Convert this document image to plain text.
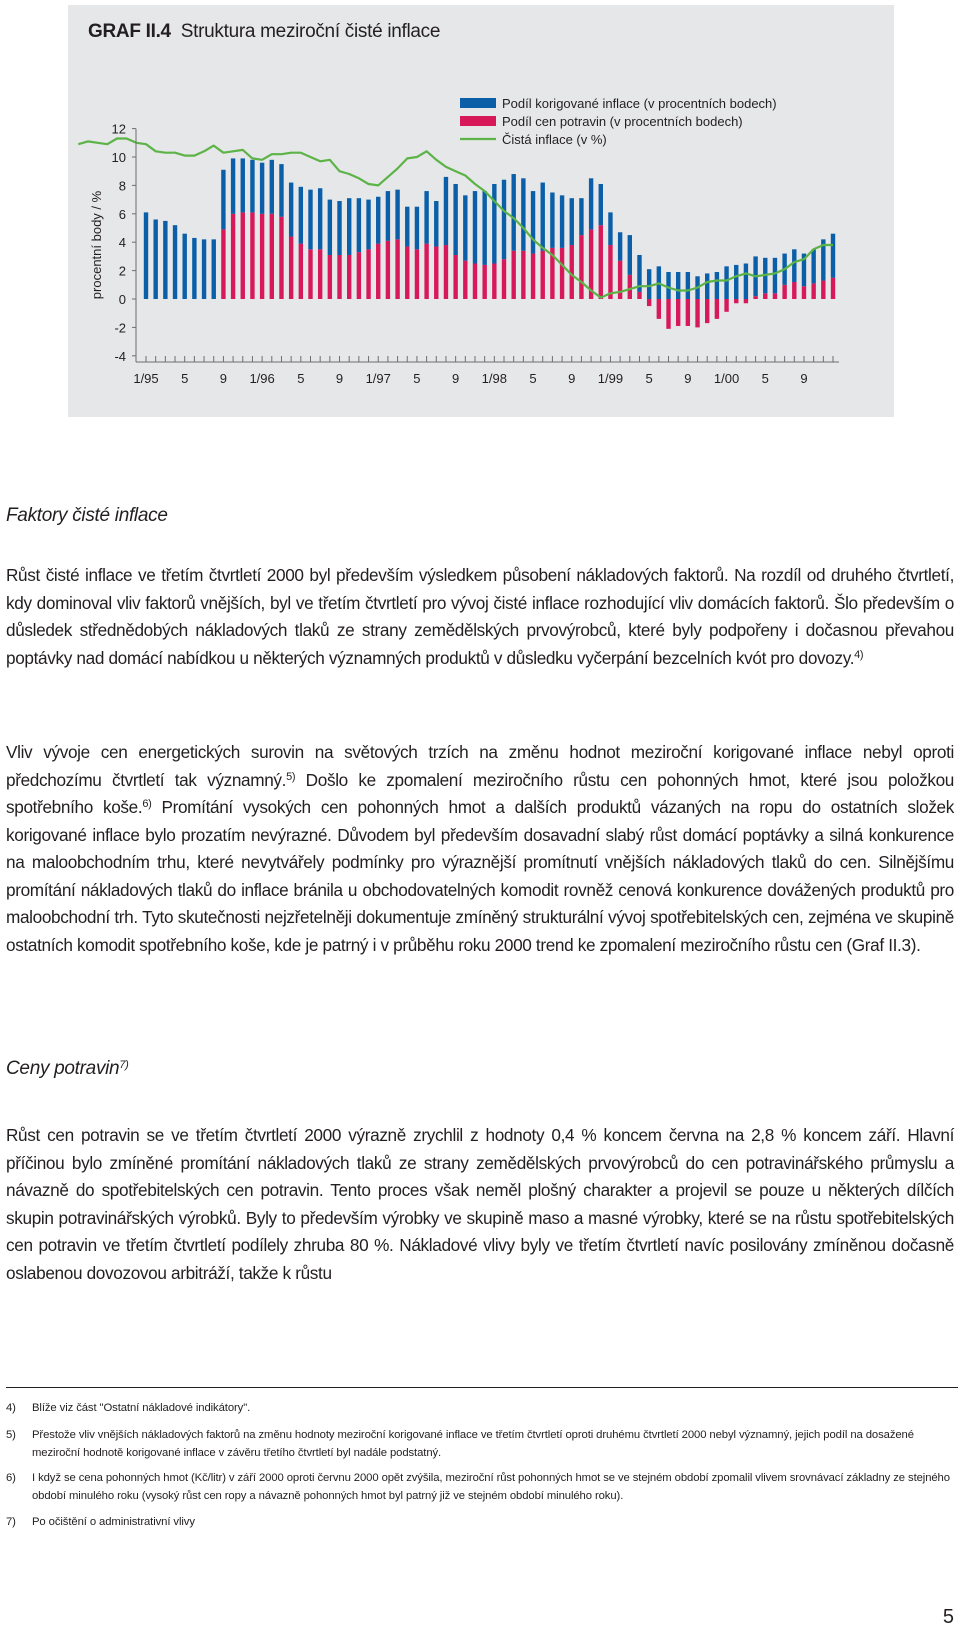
GRAF II.4 Struktura meziroční čisté inflace
12
10
8
6
4
2
0
-2
-4
procentní body / %
1/95 5 9 1/96 5 9 1/97 5 9 1/98 5 9 1/99 5 9 1/00 5 9
Podíl korigované inflace (v procentních bodech)
Podíl cen potravin (v procentních bodech)
Čistá inflace (v %)
Faktory čisté inflace

Růst čisté inflace ve třetím čtvrtletí 2000 byl především výsledkem působení nákladových faktorů. Na rozdíl od druhého čtvrtletí, kdy dominoval vliv faktorů vnějších, byl ve třetím čtvrtletí pro vývoj čisté inflace rozhodující vliv domácích faktorů. Šlo především o důsledek střednědobých nákladových tlaků ze strany zemědělských prvovýrobců, které byly podpořeny i dočasnou převahou poptávky nad domácí nabídkou u některých významných produktů v důsledku vyčerpání bezcelních kvót pro dovozy.$^{4)}$

Vliv vývoje cen energetických surovin na světových trzích na změnu hodnot meziroční korigované inflace nebyl oproti předchozímu čtvrtletí tak významný.$^{5)}$ Došlo ke zpomalení meziročního růstu cen pohonných hmot, které jsou položkou spotřebního koše.$^{6)}$ Promítání vysokých cen pohonných hmot a dalších produktů vázaných na ropu do ostatních složek korigované inflace bylo prozatím nevýrazné. Důvodem byl především dosavadní slabý růst domácí poptávky a silná konkurence na maloobchodním trhu, které nevytvářely podmínky pro výraznější promítnutí vnějších nákladových tlaků do cen. Silnějšímu promítání nákladových tlaků do inflace bránila u obchodovatelných komodit rovněž cenová konkurence dovážených produktů pro maloobchodní trh. Tyto skutečnosti nejzřetelněji dokumentuje zmíněný strukturální vývoj spotřebitelských cen, zejména ve skupině ostatních komodit spotřebního koše, kde je patrný i v průběhu roku 2000 trend ke zpomalení meziročního růstu cen (Graf II.3).

Ceny potravin$^{7)}$

Růst cen potravin se ve třetím čtvrtletí 2000 výrazně zrychlil z hodnoty 0,4 % koncem června na 2,8 % koncem září. Hlavní příčinou bylo zmíněné promítání nákladových tlaků ze strany zemědělských prvovýrobců do cen potravinářského průmyslu a návazně do spotřebitelských cen potravin. Tento proces však neměl plošný charakter a projevil se pouze u některých dílčích skupin potravinářských výrobků. Byly to především výrobky ve skupině maso a masné výrobky, které se na růstu spotřebitelských cen potravin ve třetím čtvrtletí podílely zhruba 80 %. Nákladové vlivy byly ve třetím čtvrtletí navíc posilovány zmíněnou dočasně oslabenou dovozovou arbitráží, takže k růstu

4) Blíže viz část "Ostatní nákladové indikátory".

5) Přestože vliv vnějších nákladových faktorů na změnu hodnoty meziroční korigované inflace ve třetím čtvrtletí oproti druhému čtvrtletí 2000 nebyl významný, jejich podíl na dosažené meziroční hodnotě korigované inflace v závěru třetího čtvrtletí byl nadále podstatný.

6) I když se cena pohonných hmot (Kč/litr) v září 2000 oproti červnu 2000 opět zvýšila, meziroční růst pohonných hmot se ve stejném období zpomalil vlivem srovnávací základny ze stejného období minulého roku (vysoký růst cen ropy a návazně pohonných hmot byl patrný již ve stejném období minulého roku).

7) Po očištění o administrativní vlivy

5
